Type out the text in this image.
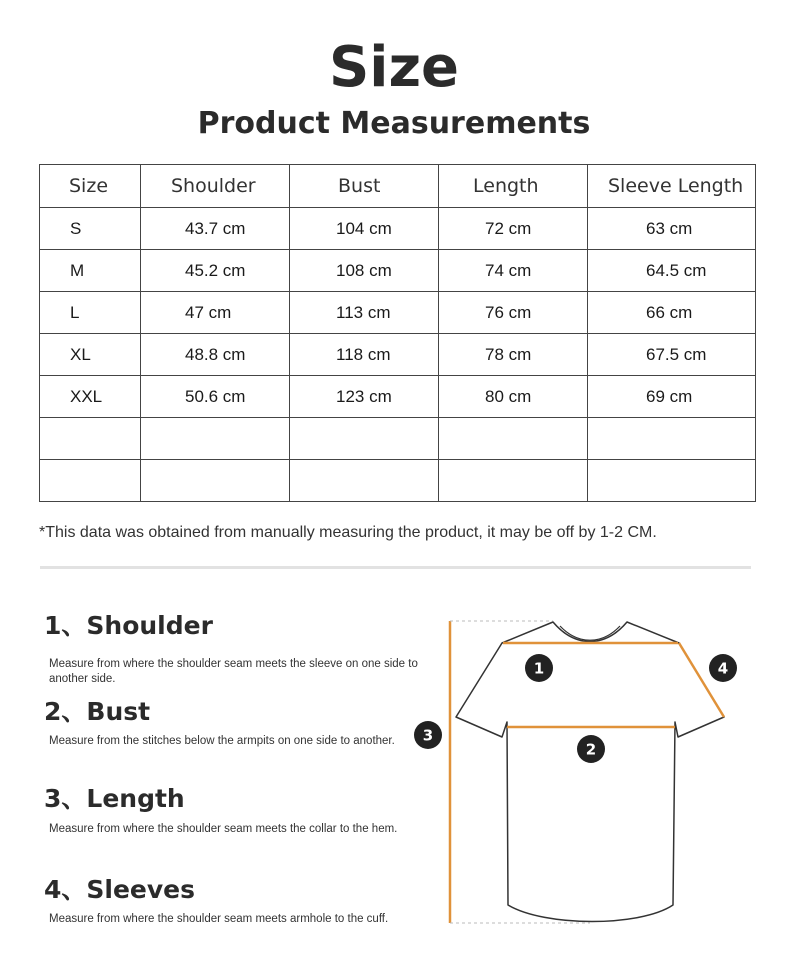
Size
Product Measurements
Size	Shoulder	Bust	Length	Sleeve Length
S	43.7 cm	104 cm	72 cm	63 cm
M	45.2 cm	108 cm	74 cm	64.5 cm
L	47 cm	113 cm	76 cm	66 cm
XL	48.8 cm	118 cm	78 cm	67.5 cm
XXL	50.6 cm	123 cm	80 cm	69 cm

*This data was obtained from manually measuring the product, it may be off by 1-2 CM.
1、Shoulder
Measure from where the shoulder seam meets the sleeve on one side to another side.
2、Bust
Measure from the stitches below the armpits on one side to another.
3、Length
Measure from where the shoulder seam meets the collar to the hem.
4、Sleeves
Measure from where the shoulder seam meets armhole to the cuff.
1
2
3
4
